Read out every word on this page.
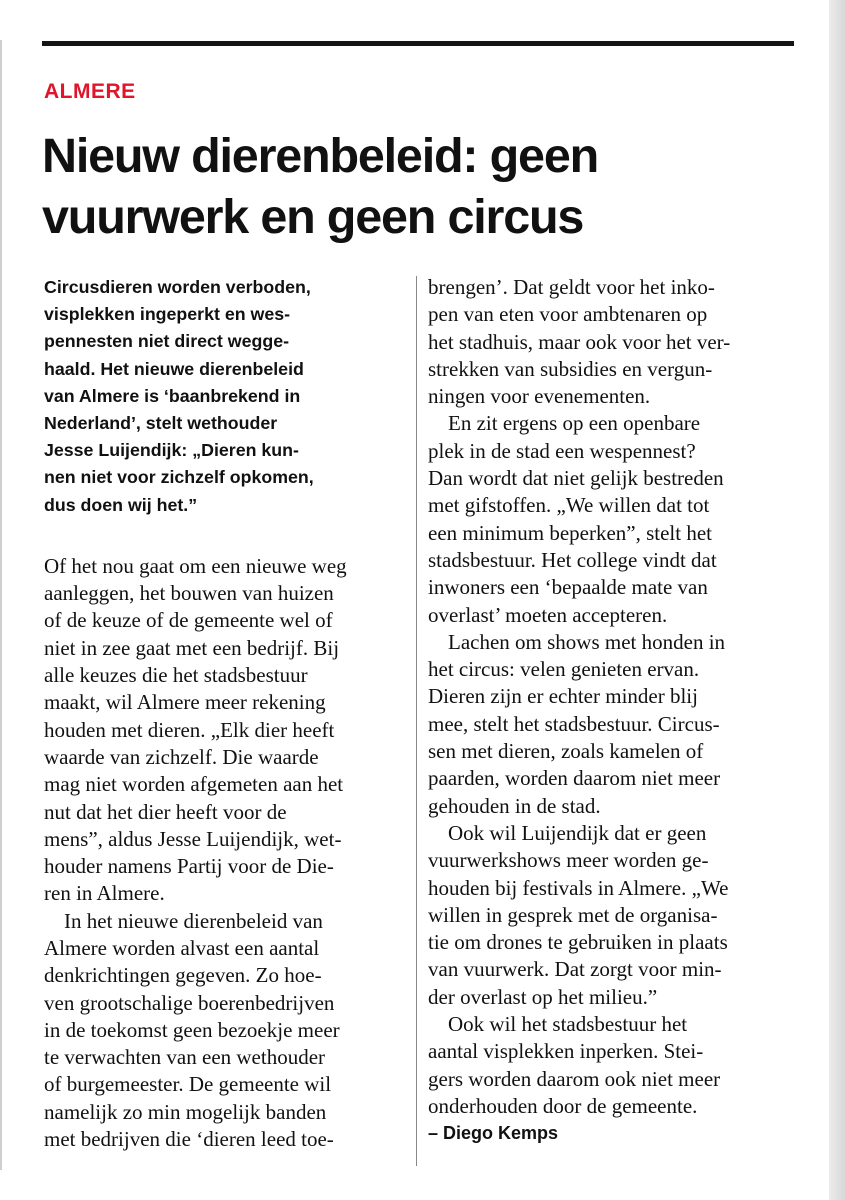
ALMERE
Nieuw dierenbeleid: geen
vuurwerk en geen circus

Circusdieren worden verboden,
visplekken ingeperkt en wes-
pennesten niet direct wegge-
haald. Het nieuwe dierenbeleid
van Almere is ‘baanbrekend in
Nederland’, stelt wethouder
Jesse Luijendijk: „Dieren kun-
nen niet voor zichzelf opkomen,
dus doen wij het.”

Of het nou gaat om een nieuwe weg
aanleggen, het bouwen van huizen
of de keuze of de gemeente wel of
niet in zee gaat met een bedrijf. Bij
alle keuzes die het stadsbestuur
maakt, wil Almere meer rekening
houden met dieren. „Elk dier heeft
waarde van zichzelf. Die waarde
mag niet worden afgemeten aan het
nut dat het dier heeft voor de
mens”, aldus Jesse Luijendijk, wet-
houder namens Partij voor de Die-
ren in Almere.

In het nieuwe dierenbeleid van
Almere worden alvast een aantal
denkrichtingen gegeven. Zo hoe-
ven grootschalige boerenbedrijven
in de toekomst geen bezoekje meer
te verwachten van een wethouder
of burgemeester. De gemeente wil
namelijk zo min mogelijk banden
met bedrijven die ‘dieren leed toe-

brengen’. Dat geldt voor het inko-
pen van eten voor ambtenaren op
het stadhuis, maar ook voor het ver-
strekken van subsidies en vergun-
ningen voor evenementen.

En zit ergens op een openbare
plek in de stad een wespennest?
Dan wordt dat niet gelijk bestreden
met gifstoffen. „We willen dat tot
een minimum beperken”, stelt het
stadsbestuur. Het college vindt dat
inwoners een ‘bepaalde mate van
overlast’ moeten accepteren.

Lachen om shows met honden in
het circus: velen genieten ervan.
Dieren zijn er echter minder blij
mee, stelt het stadsbestuur. Circus-
sen met dieren, zoals kamelen of
paarden, worden daarom niet meer
gehouden in de stad.

Ook wil Luijendijk dat er geen
vuurwerkshows meer worden ge-
houden bij festivals in Almere. „We
willen in gesprek met de organisa-
tie om drones te gebruiken in plaats
van vuurwerk. Dat zorgt voor min-
der overlast op het milieu.”

Ook wil het stadsbestuur het
aantal visplekken inperken. Stei-
gers worden daarom ook niet meer
onderhouden door de gemeente.

– Diego Kemps
